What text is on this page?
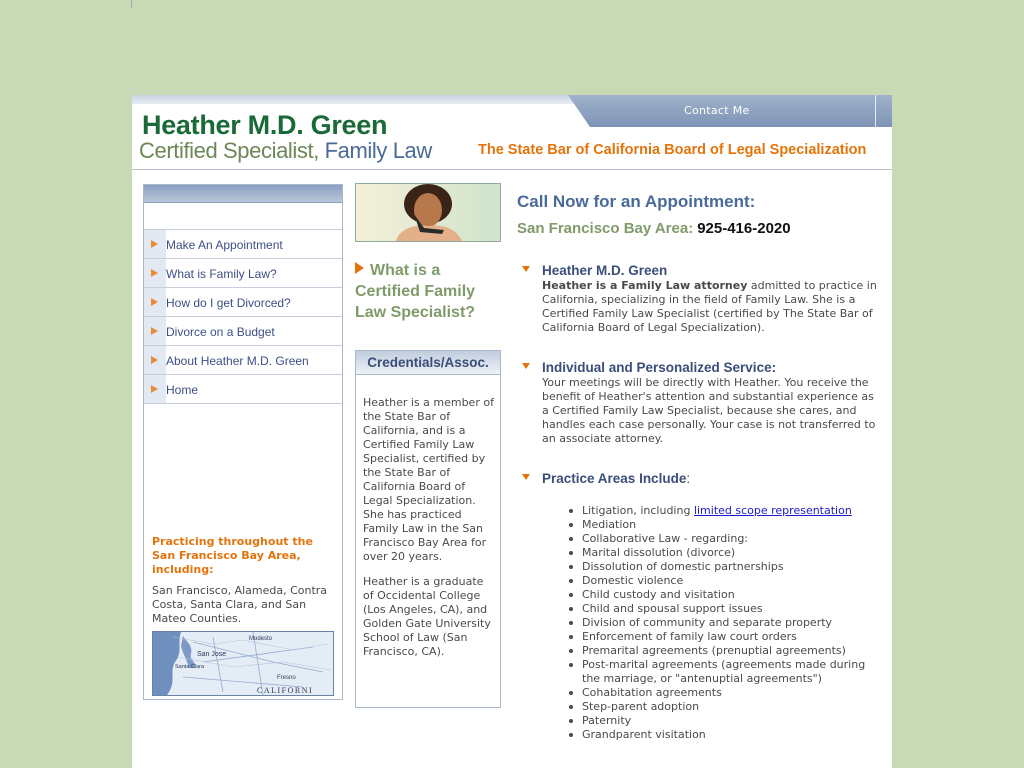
Contact Me
Heather M.D. Green
Certified Specialist, Family Law	The State Bar of California Board of Legal Specialization
Make An Appointment
What is Family Law?
How do I get Divorced?
Divorce on a Budget
About Heather M.D. Green
Home
Practicing throughout the San Francisco Bay Area, including:
San Francisco, Alameda, Contra Costa, Santa Clara, and San Mateo Counties.
San Jose
Modesto
Santa Clara
Fresno
CALIFORNI
What is a Certified Family Law Specialist?
Credentials/Assoc.

Heather is a member of the State Bar of California, and is a Certified Family Law Specialist, certified by the State Bar of California Board of Legal Specialization. She has practiced Family Law in the San Francisco Bay Area for over 20 years.

Heather is a graduate of Occidental College (Los Angeles, CA), and Golden Gate University School of Law (San Francisco, CA).

Call Now for an Appointment:
San Francisco Bay Area: 925-416-2020
Heather M.D. Green

Heather is a Family Law attorney admitted to practice in California, specializing in the field of Family Law. She is a Certified Family Law Specialist (certified by The State Bar of California Board of Legal Specialization).

Individual and Personalized Service:

Your meetings will be directly with Heather. You receive the benefit of Heather's attention and substantial experience as a Certified Family Law Specialist, because she cares, and handles each case personally. Your case is not transferred to an associate attorney.

Practice Areas Include:
Litigation, including limited scope representation
Mediation
Collaborative Law - regarding:
Marital dissolution (divorce)
Dissolution of domestic partnerships
Domestic violence
Child custody and visitation
Child and spousal support issues
Division of community and separate property
Enforcement of family law court orders
Premarital agreements (prenuptial agreements)
Post-marital agreements (agreements made during the marriage, or "antenuptial agreements")
Cohabitation agreements
Step-parent adoption
Paternity
Grandparent visitation
